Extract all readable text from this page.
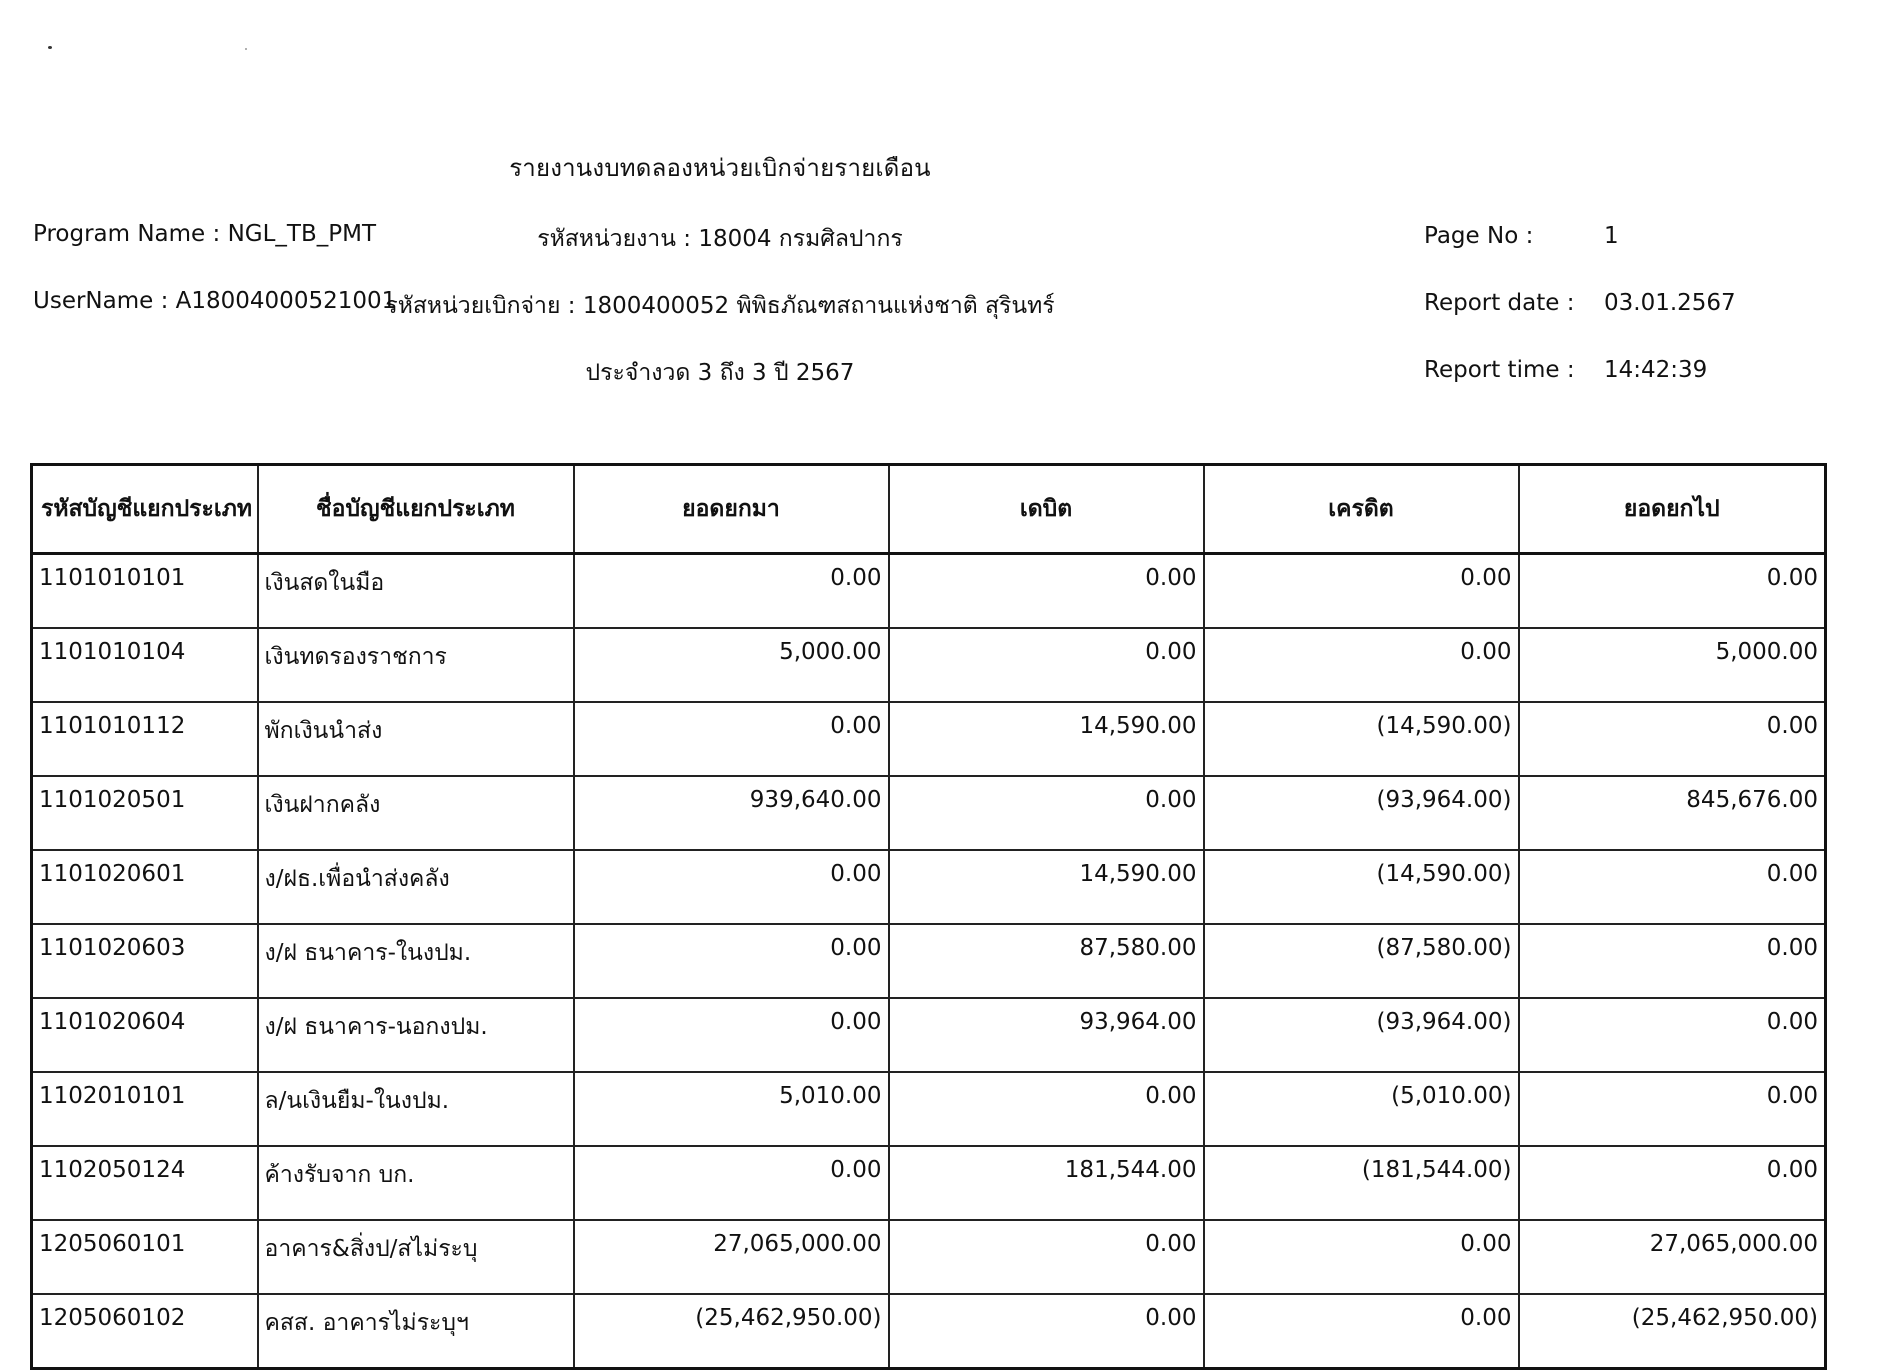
รายงานงบทดลองหน่วยเบิกจ่ายรายเดือน
Program Name : NGL_TB_PMT
UserName : A18004000521001
รหัสหน่วยงาน : 18004 กรมศิลปากร
รหัสหน่วยเบิกจ่าย : 1800400052 พิพิธภัณฑสถานแห่งชาติ สุรินทร์
ประจำงวด 3 ถึง 3 ปี 2567
Page No :	1
Report date : 03.01.2567
Report time : 14:42:39
รหัสบัญชีแยกประเภท	ชื่อบัญชีแยกประเภท	ยอดยกมา	เดบิต	เครดิต	ยอดยกไป
1101010101	เงินสดในมือ	0.00	0.00	0.00	0.00
1101010104	เงินทดรองราชการ	5,000.00	0.00	0.00	5,000.00
1101010112	พักเงินนำส่ง	0.00	14,590.00	(14,590.00)	0.00
1101020501	เงินฝากคลัง	939,640.00	0.00	(93,964.00)	845,676.00
1101020601	ง/ฝธ.เพื่อนำส่งคลัง	0.00	14,590.00	(14,590.00)	0.00
1101020603	ง/ฝ ธนาคาร-ในงปม.	0.00	87,580.00	(87,580.00)	0.00
1101020604	ง/ฝ ธนาคาร-นอกงปม.	0.00	93,964.00	(93,964.00)	0.00
1102010101	ล/นเงินยืม-ในงปม.	5,010.00	0.00	(5,010.00)	0.00
1102050124	ค้างรับจาก บก.	0.00	181,544.00	(181,544.00)	0.00
1205060101	อาคาร&สิ่งป/สไม่ระบุ	27,065,000.00	0.00	0.00	27,065,000.00
1205060102	คสส. อาคารไม่ระบุฯ	(25,462,950.00)	0.00	0.00	(25,462,950.00)
